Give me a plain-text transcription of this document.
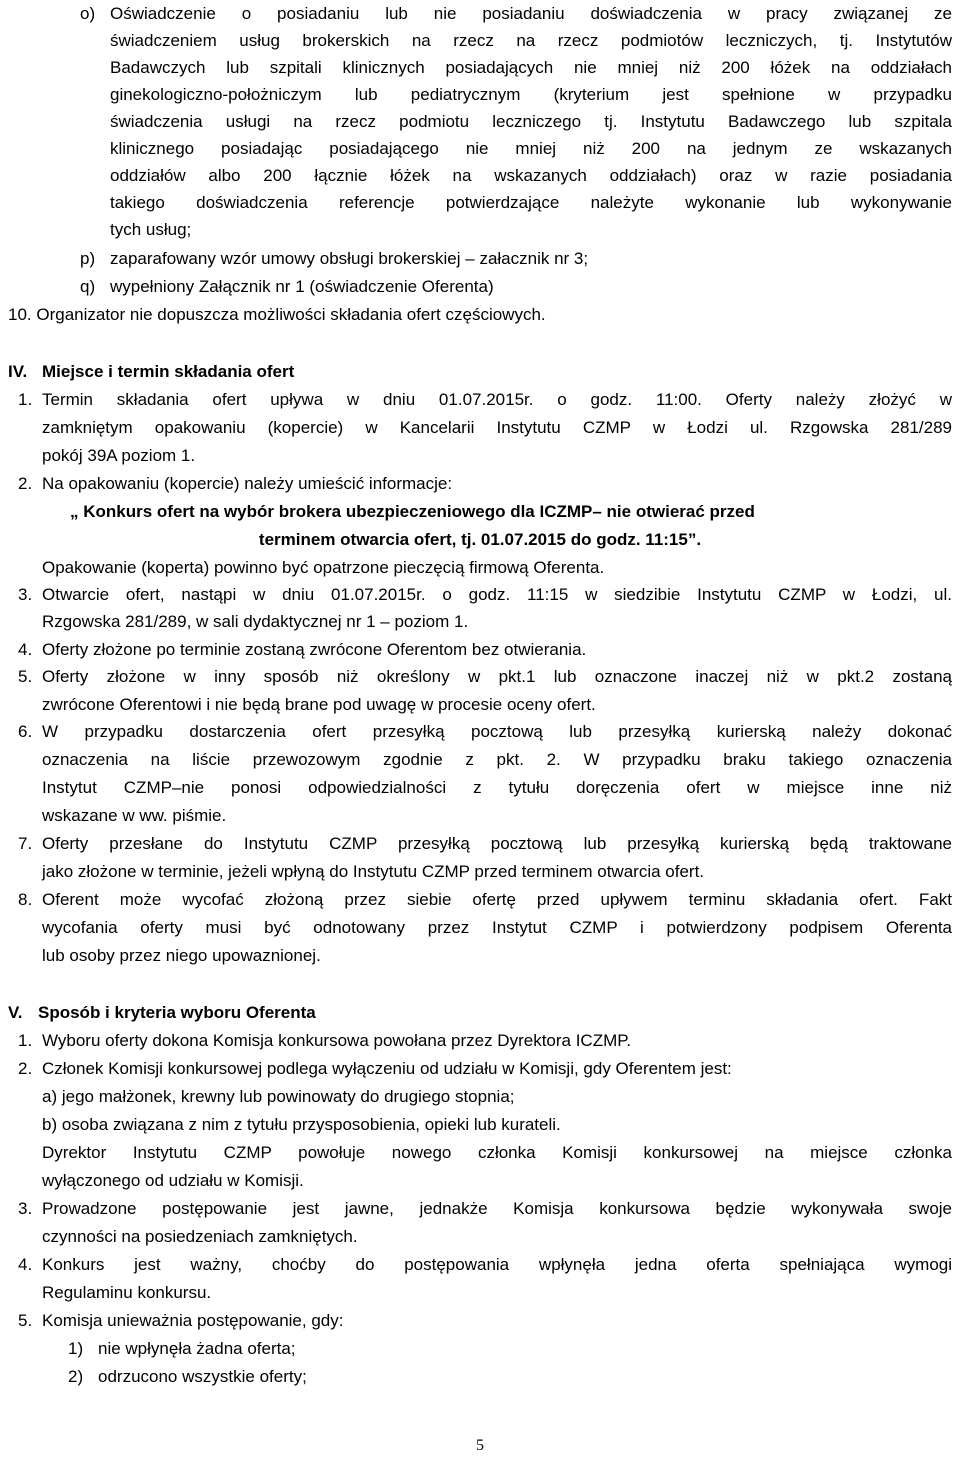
o) Oświadczenie o posiadaniu lub nie posiadaniu doświadczenia w pracy związanej ze
świadczeniem usług brokerskich na rzecz na rzecz podmiotów leczniczych, tj. Instytutów
Badawczych lub szpitali klinicznych posiadających nie mniej niż 200 łóżek na oddziałach
ginekologiczno-położniczym lub pediatrycznym (kryterium jest spełnione w przypadku
świadczenia usługi na rzecz podmiotu leczniczego tj. Instytutu Badawczego lub szpitala
klinicznego posiadając posiadającego nie mniej niż 200 na jednym ze wskazanych
oddziałów albo 200 łącznie łóżek na wskazanych oddziałach) oraz w razie posiadania
takiego doświadczenia referencje potwierdzające należyte wykonanie lub wykonywanie
tych usług;
p) zaparafowany wzór umowy obsługi brokerskiej – załacznik nr 3;
q) wypełniony Załącznik nr 1 (oświadczenie Oferenta)
10. Organizator nie dopuszcza możliwości składania ofert częściowych.
IV. Miejsce i termin składania ofert
1. Termin składania ofert upływa w dniu 01.07.2015r. o godz. 11:00. Oferty należy złożyć w
zamkniętym opakowaniu (kopercie) w Kancelarii Instytutu CZMP w Łodzi ul. Rzgowska 281/289
pokój 39A poziom 1.
2. Na opakowaniu (kopercie) należy umieścić informacje:
„ Konkurs ofert na wybór brokera ubezpieczeniowego dla ICZMP– nie otwierać przed
terminem otwarcia ofert, tj. 01.07.2015 do godz. 11:15”.
Opakowanie (koperta) powinno być opatrzone pieczęcią firmową Oferenta.
3. Otwarcie ofert, nastąpi w dniu 01.07.2015r. o godz. 11:15 w siedzibie Instytutu CZMP w Łodzi, ul.
Rzgowska 281/289, w sali dydaktycznej nr 1 – poziom 1.
4. Oferty złożone po terminie zostaną zwrócone Oferentom bez otwierania.
5. Oferty złożone w inny sposób niż określony w pkt.1 lub oznaczone inaczej niż w pkt.2 zostaną
zwrócone Oferentowi i nie będą brane pod uwagę w procesie oceny ofert.
6. W przypadku dostarczenia ofert przesyłką pocztową lub przesyłką kurierską należy dokonać
oznaczenia na liście przewozowym zgodnie z pkt. 2. W przypadku braku takiego oznaczenia
Instytut CZMP–nie ponosi odpowiedzialności z tytułu doręczenia ofert w miejsce inne niż
wskazane w ww. piśmie.
7. Oferty przesłane do Instytutu CZMP przesyłką pocztową lub przesyłką kurierską będą traktowane
jako złożone w terminie, jeżeli wpłyną do Instytutu CZMP przed terminem otwarcia ofert.
8. Oferent może wycofać złożoną przez siebie ofertę przed upływem terminu składania ofert. Fakt
wycofania oferty musi być odnotowany przez Instytut CZMP i potwierdzony podpisem Oferenta
lub osoby przez niego upowaznionej.
V. Sposób i kryteria wyboru Oferenta
1. Wyboru oferty dokona Komisja konkursowa powołana przez Dyrektora ICZMP.
2. Członek Komisji konkursowej podlega wyłączeniu od udziału w Komisji, gdy Oferentem jest:
a) jego małżonek, krewny lub powinowaty do drugiego stopnia;
b) osoba związana z nim z tytułu przysposobienia, opieki lub kurateli.
Dyrektor Instytutu CZMP powołuje nowego członka Komisji konkursowej na miejsce członka
wyłączonego od udziału w Komisji.
3. Prowadzone postępowanie jest jawne, jednakże Komisja konkursowa będzie wykonywała swoje
czynności na posiedzeniach zamkniętych.
4. Konkurs jest ważny, choćby do postępowania wpłynęła jedna oferta spełniająca wymogi
Regulaminu konkursu.
5. Komisja unieważnia postępowanie, gdy:
1) nie wpłynęła żadna oferta;
2) odrzucono wszystkie oferty;
5
